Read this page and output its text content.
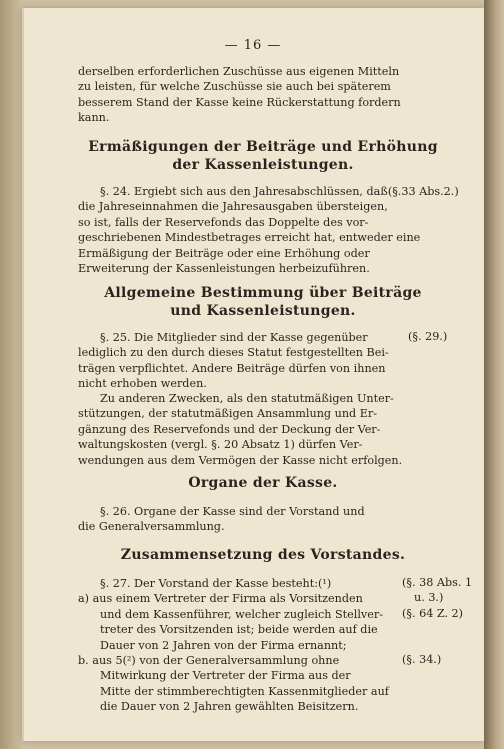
— 16 —
derselben erforderlichen Zuschüsse aus eigenen Mitteln
zu leisten, für welche Zuschüsse sie auch bei späterem
besserem Stand der Kasse keine Rückerstattung fordern
kann.
Ermäßigungen der Beiträge und Erhöhung
der Kassenleistungen.
§. 24. Ergiebt sich aus den Jahresabschlüssen, daß(§.33 Abs.2.)
die Jahreseinnahmen die Jahresausgaben übersteigen,
so ist, falls der Reservefonds das Doppelte des vor-
geschriebenen Mindestbetrages erreicht hat, entweder eine
Ermäßigung der Beiträge oder eine Erhöhung oder
Erweiterung der Kassenleistungen herbeizuführen.
Allgemeine Bestimmung über Beiträge
und Kassenleistungen.
§. 25. Die Mitglieder sind der Kasse gegenüber
lediglich zu den durch dieses Statut festgestellten Bei-
trägen verpflichtet. Andere Beiträge dürfen von ihnen
nicht erhoben werden.
(§. 29.)
Zu anderen Zwecken, als den statutmäßigen Unter-
stützungen, der statutmäßigen Ansammlung und Er-
gänzung des Reservefonds und der Deckung der Ver-
waltungskosten (vergl. §. 20 Absatz 1) dürfen Ver-
wendungen aus dem Vermögen der Kasse nicht erfolgen.
Organe der Kasse.
§. 26. Organe der Kasse sind der Vorstand und
die Generalversammlung.
Zusammensetzung des Vorstandes.
§. 27. Der Vorstand der Kasse besteht:(¹)
a) aus einem Vertreter der Firma als Vorsitzenden
und dem Kassenführer, welcher zugleich Stellver-
treter des Vorsitzenden ist; beide werden auf die
Dauer von 2 Jahren von der Firma ernannt;
b. aus 5(²) von der Generalversammlung ohne
Mitwirkung der Vertreter der Firma aus der
Mitte der stimmberechtigten Kassenmitglieder auf
die Dauer von 2 Jahren gewählten Beisitzern.
(§. 38 Abs. 1
u. 3.)
(§. 64 Z. 2)
(§. 34.)
